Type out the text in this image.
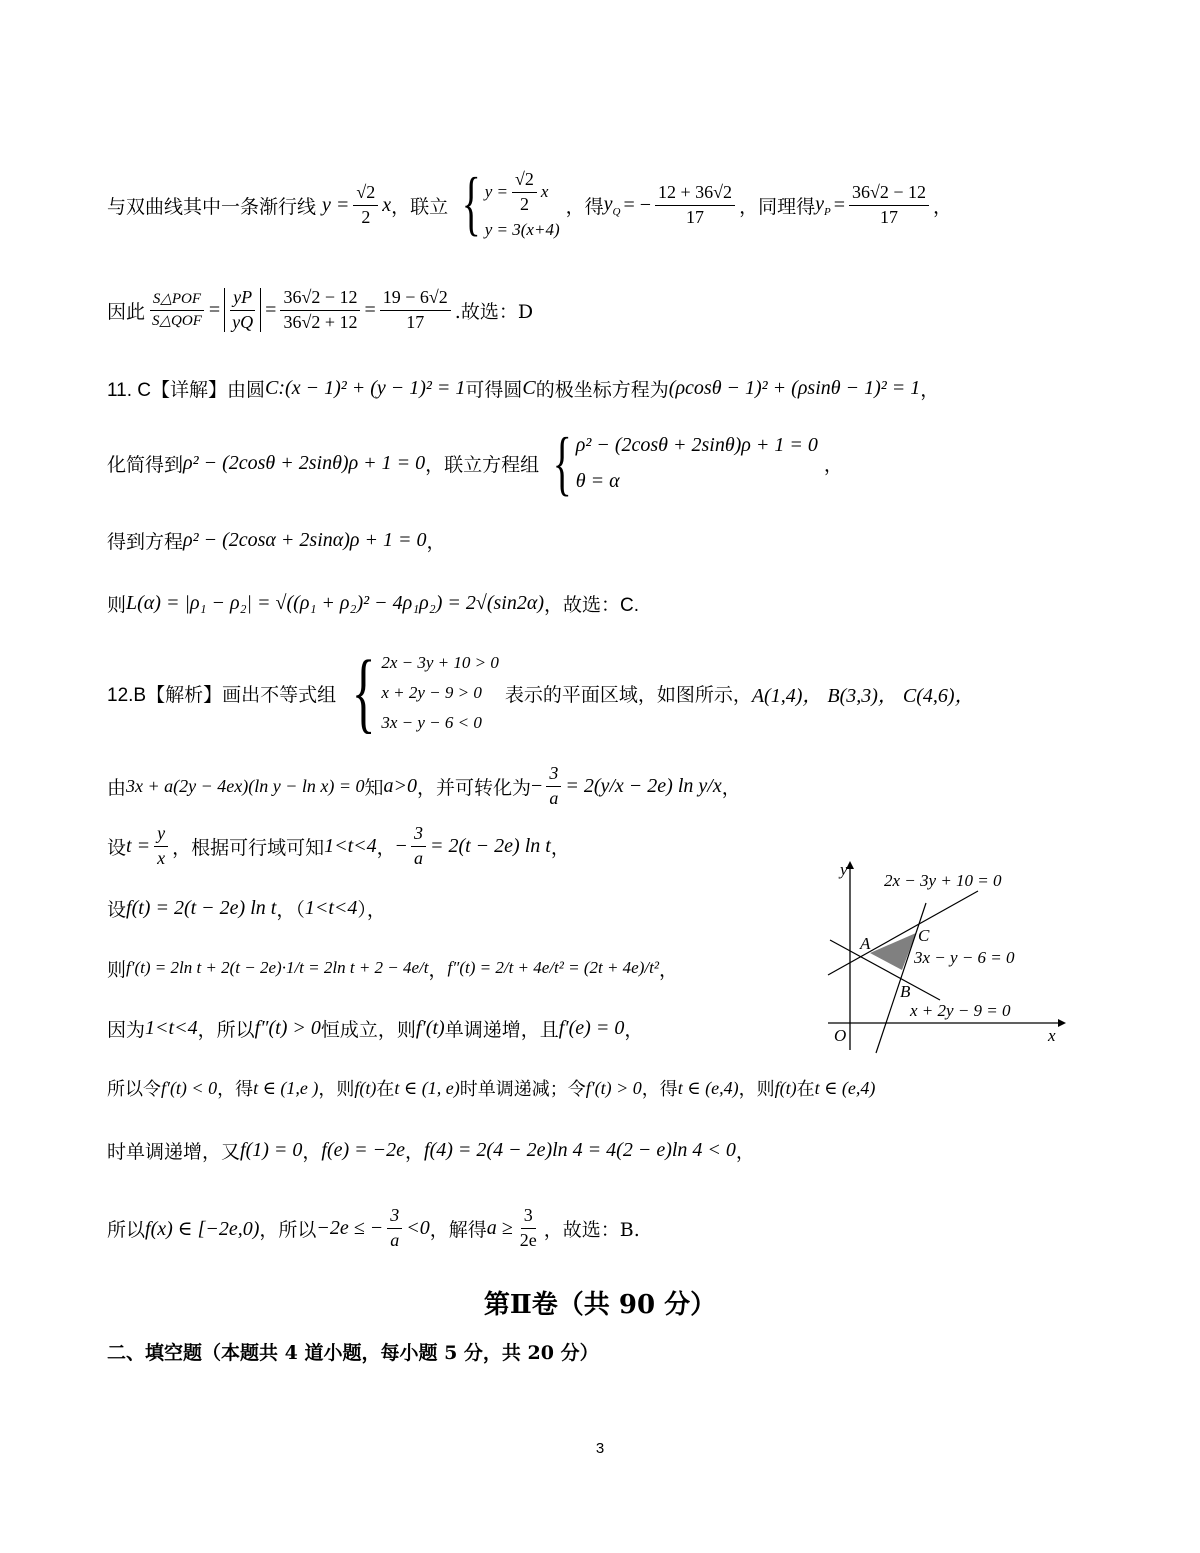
与双曲线其中一条渐行线 $y = \frac{√2}{2}$ x ，联立 { $y = \frac{√2}{2}$ x
y = 3(x+4)
，得 $y_Q$ = − $\frac{12 + 36√2}{17}$ ，同理得 $y_P = \frac{36√2 - 12}{17}$ ，
因此 $\frac{\text{S△POF}}{\text{S△QOF}} = \frac{yP}{yQ} = \frac{36√2 - 12}{36√2 + 12} = \frac{19 - 6√2}{17}$ .故选：D
11. C【详解】 由圆 C:(x − 1)² + (y − 1)² = 1 可得圆 C 的极坐标方程为 (ρcosθ − 1)² + (ρsinθ − 1)² = 1 ，
化简得到 ρ² − (2cosθ + 2sinθ)ρ + 1 = 0 ，联立方程组 { ρ² − (2cosθ + 2sinθ)ρ + 1 = 0
θ = α
，
得到方程 ρ² − (2cosα + 2sinα)ρ + 1 = 0 ，
则 L(α) = |ρ₁ − ρ₂| = √((ρ₁ + ρ₂)² − 4ρ₁ρ₂) = 2√(sin2α) ，故选：C.
12.B【解析】 画出不等式组 { 2x − 3y + 10 > 0
x + 2y − 9 > 0
3x − y − 6 < 0
表示的平面区域，如图所示， A(1,4)， B(3,3)， C(4,6)，
由 3x + a(2y − 4ex)(ln y − ln x) = 0 知 a>0 ，并可转化为 − $\frac{3}{a} = 2(y/x - 2e)$ ln y/x ，
设 $t = \frac{y}{x}$ ，根据可行域可知 1<t<4 ， − $\frac{3}{a} = 2(t - 2e)$ ln t ，
设 f(t) = 2(t − 2e) ln t ，（ 1<t<4 ），
则 f′(t) = 2ln t + 2(t − 2e)·1/t = 2ln t + 2 − 4e/t ， f″(t) = 2/t + 4e/t² = (2t + 4e)/t² ，
因为 1<t<4 ，所以 f″(t) > 0 恒成立，则 f′(t) 单调递增，且 f′(e) = 0 ，
所以令 f′(t) < 0 ，得 t ∈ (1,e ) ，则 f(t) 在 t ∈ (1, e) 时单调递减；令 f′(t) > 0 ，得 t ∈ (e,4) ，则 f(t) 在 t ∈ (e,4)
时单调递增，又 f(1) = 0 ， f(e) = −2e ， f(4) = 2(4 − 2e)ln 4 = 4(2 − e)ln 4 < 0 ，
所以 f(x) ∈ [−2e,0) ，所以 −2e ≤ − $\frac{3}{a} <0$ ，解得 $a \ge \frac{3}{2e}$ ，故选：B.
y
x
O
2x − 3y + 10 = 0
3x − y − 6 = 0
x + 2y − 9 = 0
A
B
C
第Ⅱ卷（共 90 分）
二、填空题（本题共 4 道小题，每小题 5 分，共 20 分）
3
